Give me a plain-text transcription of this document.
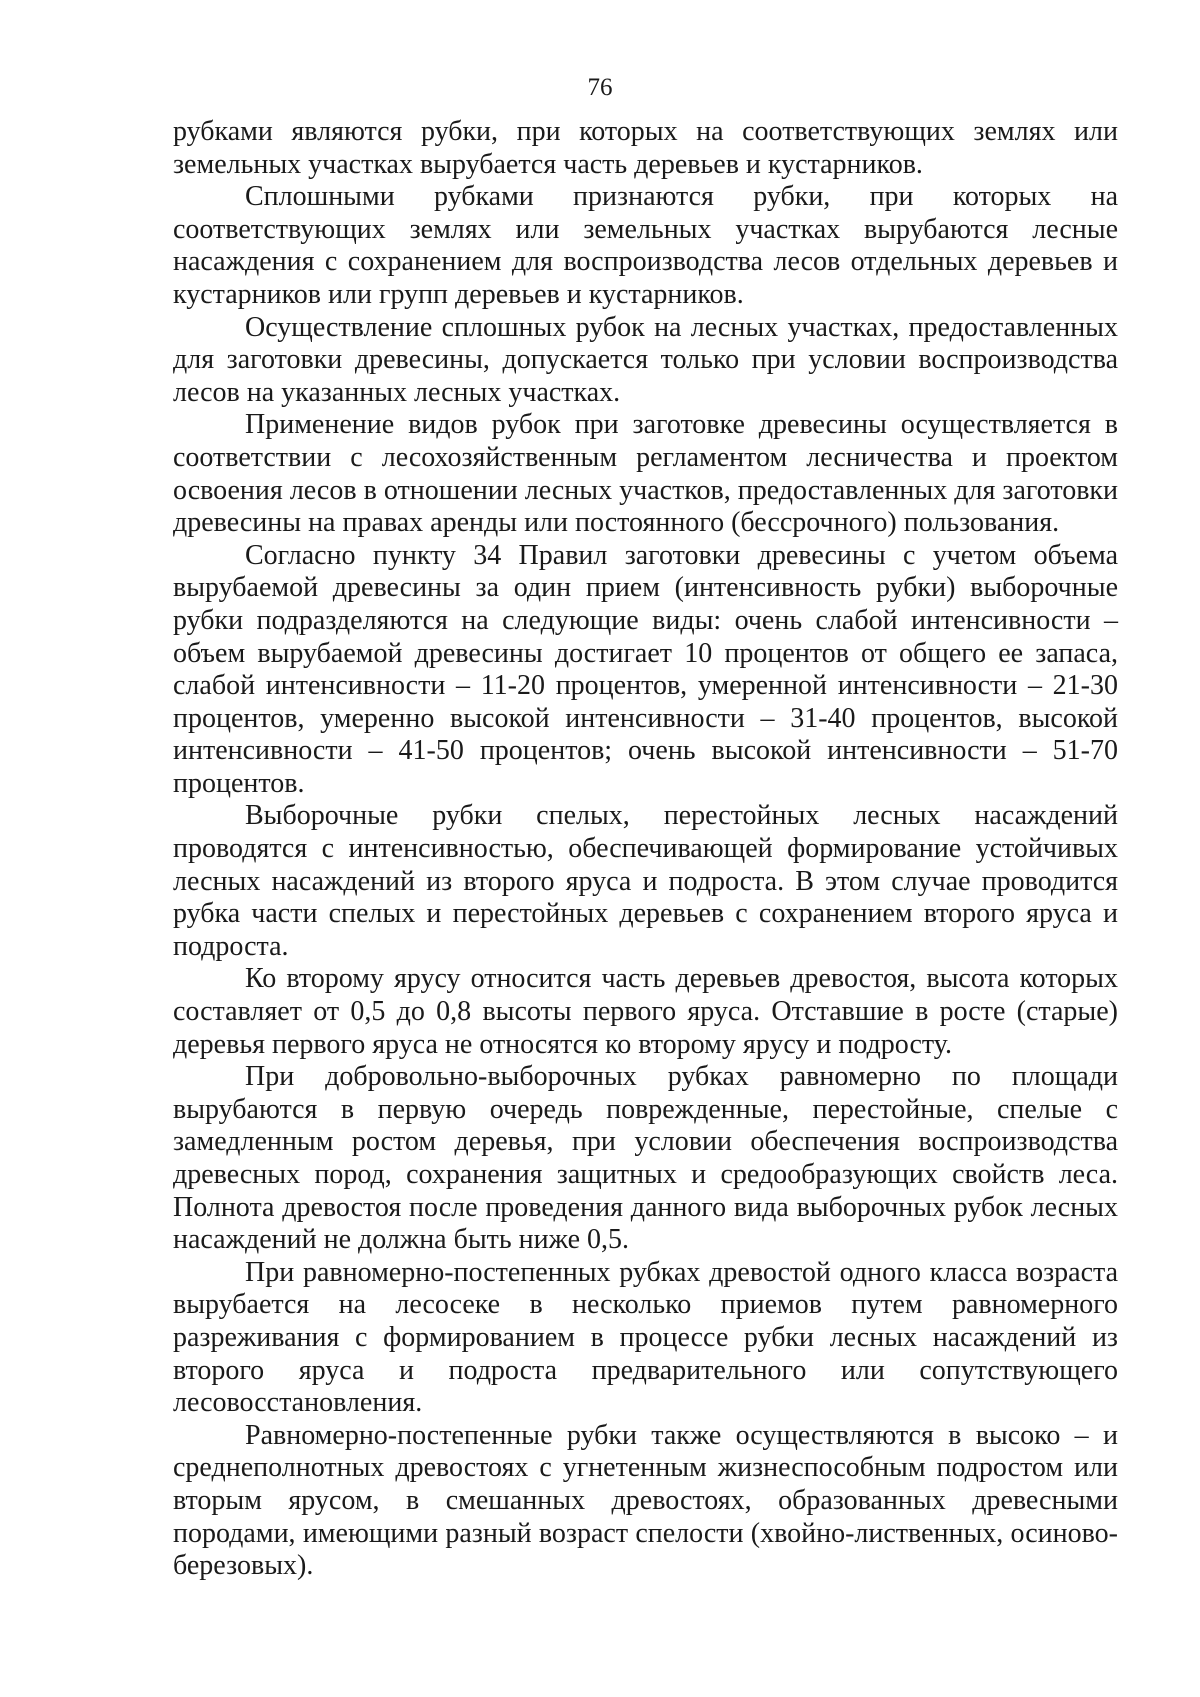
76

рубками являются рубки, при которых на соответствующих землях или земельных участках вырубается часть деревьев и кустарников.

Сплошными рубками признаются рубки, при которых на соответствующих землях или земельных участках вырубаются лесные насаждения с сохранением для воспроизводства лесов отдельных деревьев и кустарников или групп деревьев и кустарников.

Осуществление сплошных рубок на лесных участках, предоставленных для заготовки древесины, допускается только при условии воспроизводства лесов на указанных лесных участках.

Применение видов рубок при заготовке древесины осуществляется в соответствии с лесохозяйственным регламентом лесничества и проектом освоения лесов в отношении лесных участков, предоставленных для заготовки древесины на правах аренды или постоянного (бессрочного) пользования.

Согласно пункту 34 Правил заготовки древесины с учетом объема вырубаемой древесины за один прием (интенсивность рубки) выборочные рубки подразделяются на следующие виды: очень слабой интенсивности – объем вырубаемой древесины достигает 10 процентов от общего ее запаса, слабой интенсивности – 11-20 процентов, умеренной интенсивности – 21-30 процентов, умеренно высокой интенсивности – 31-40 процентов, высокой интенсивности – 41-50 процентов; очень высокой интенсивности – 51-70 процентов.

Выборочные рубки спелых, перестойных лесных насаждений проводятся с интенсивностью, обеспечивающей формирование устойчивых лесных насаждений из второго яруса и подроста. В этом случае проводится рубка части спелых и перестойных деревьев с сохранением второго яруса и подроста.

Ко второму ярусу относится часть деревьев древостоя, высота которых составляет от 0,5 до 0,8 высоты первого яруса. Отставшие в росте (старые) деревья первого яруса не относятся ко второму ярусу и подросту.

При добровольно-выборочных рубках равномерно по площади вырубаются в первую очередь поврежденные, перестойные, спелые с замедленным ростом деревья, при условии обеспечения воспроизводства древесных пород, сохранения защитных и средообразующих свойств леса. Полнота древостоя после проведения данного вида выборочных рубок лесных насаждений не должна быть ниже 0,5.

При равномерно-постепенных рубках древостой одного класса возраста вырубается на лесосеке в несколько приемов путем равномерного разреживания с формированием в процессе рубки лесных насаждений из второго яруса и подроста предварительного или сопутствующего лесовосстановления.

Равномерно-постепенные рубки также осуществляются в высоко – и среднеполнотных древостоях с угнетенным жизнеспособным подростом или вторым ярусом, в смешанных древостоях, образованных древесными породами, имеющими разный возраст спелости (хвойно-лиственных, осиново-березовых).
